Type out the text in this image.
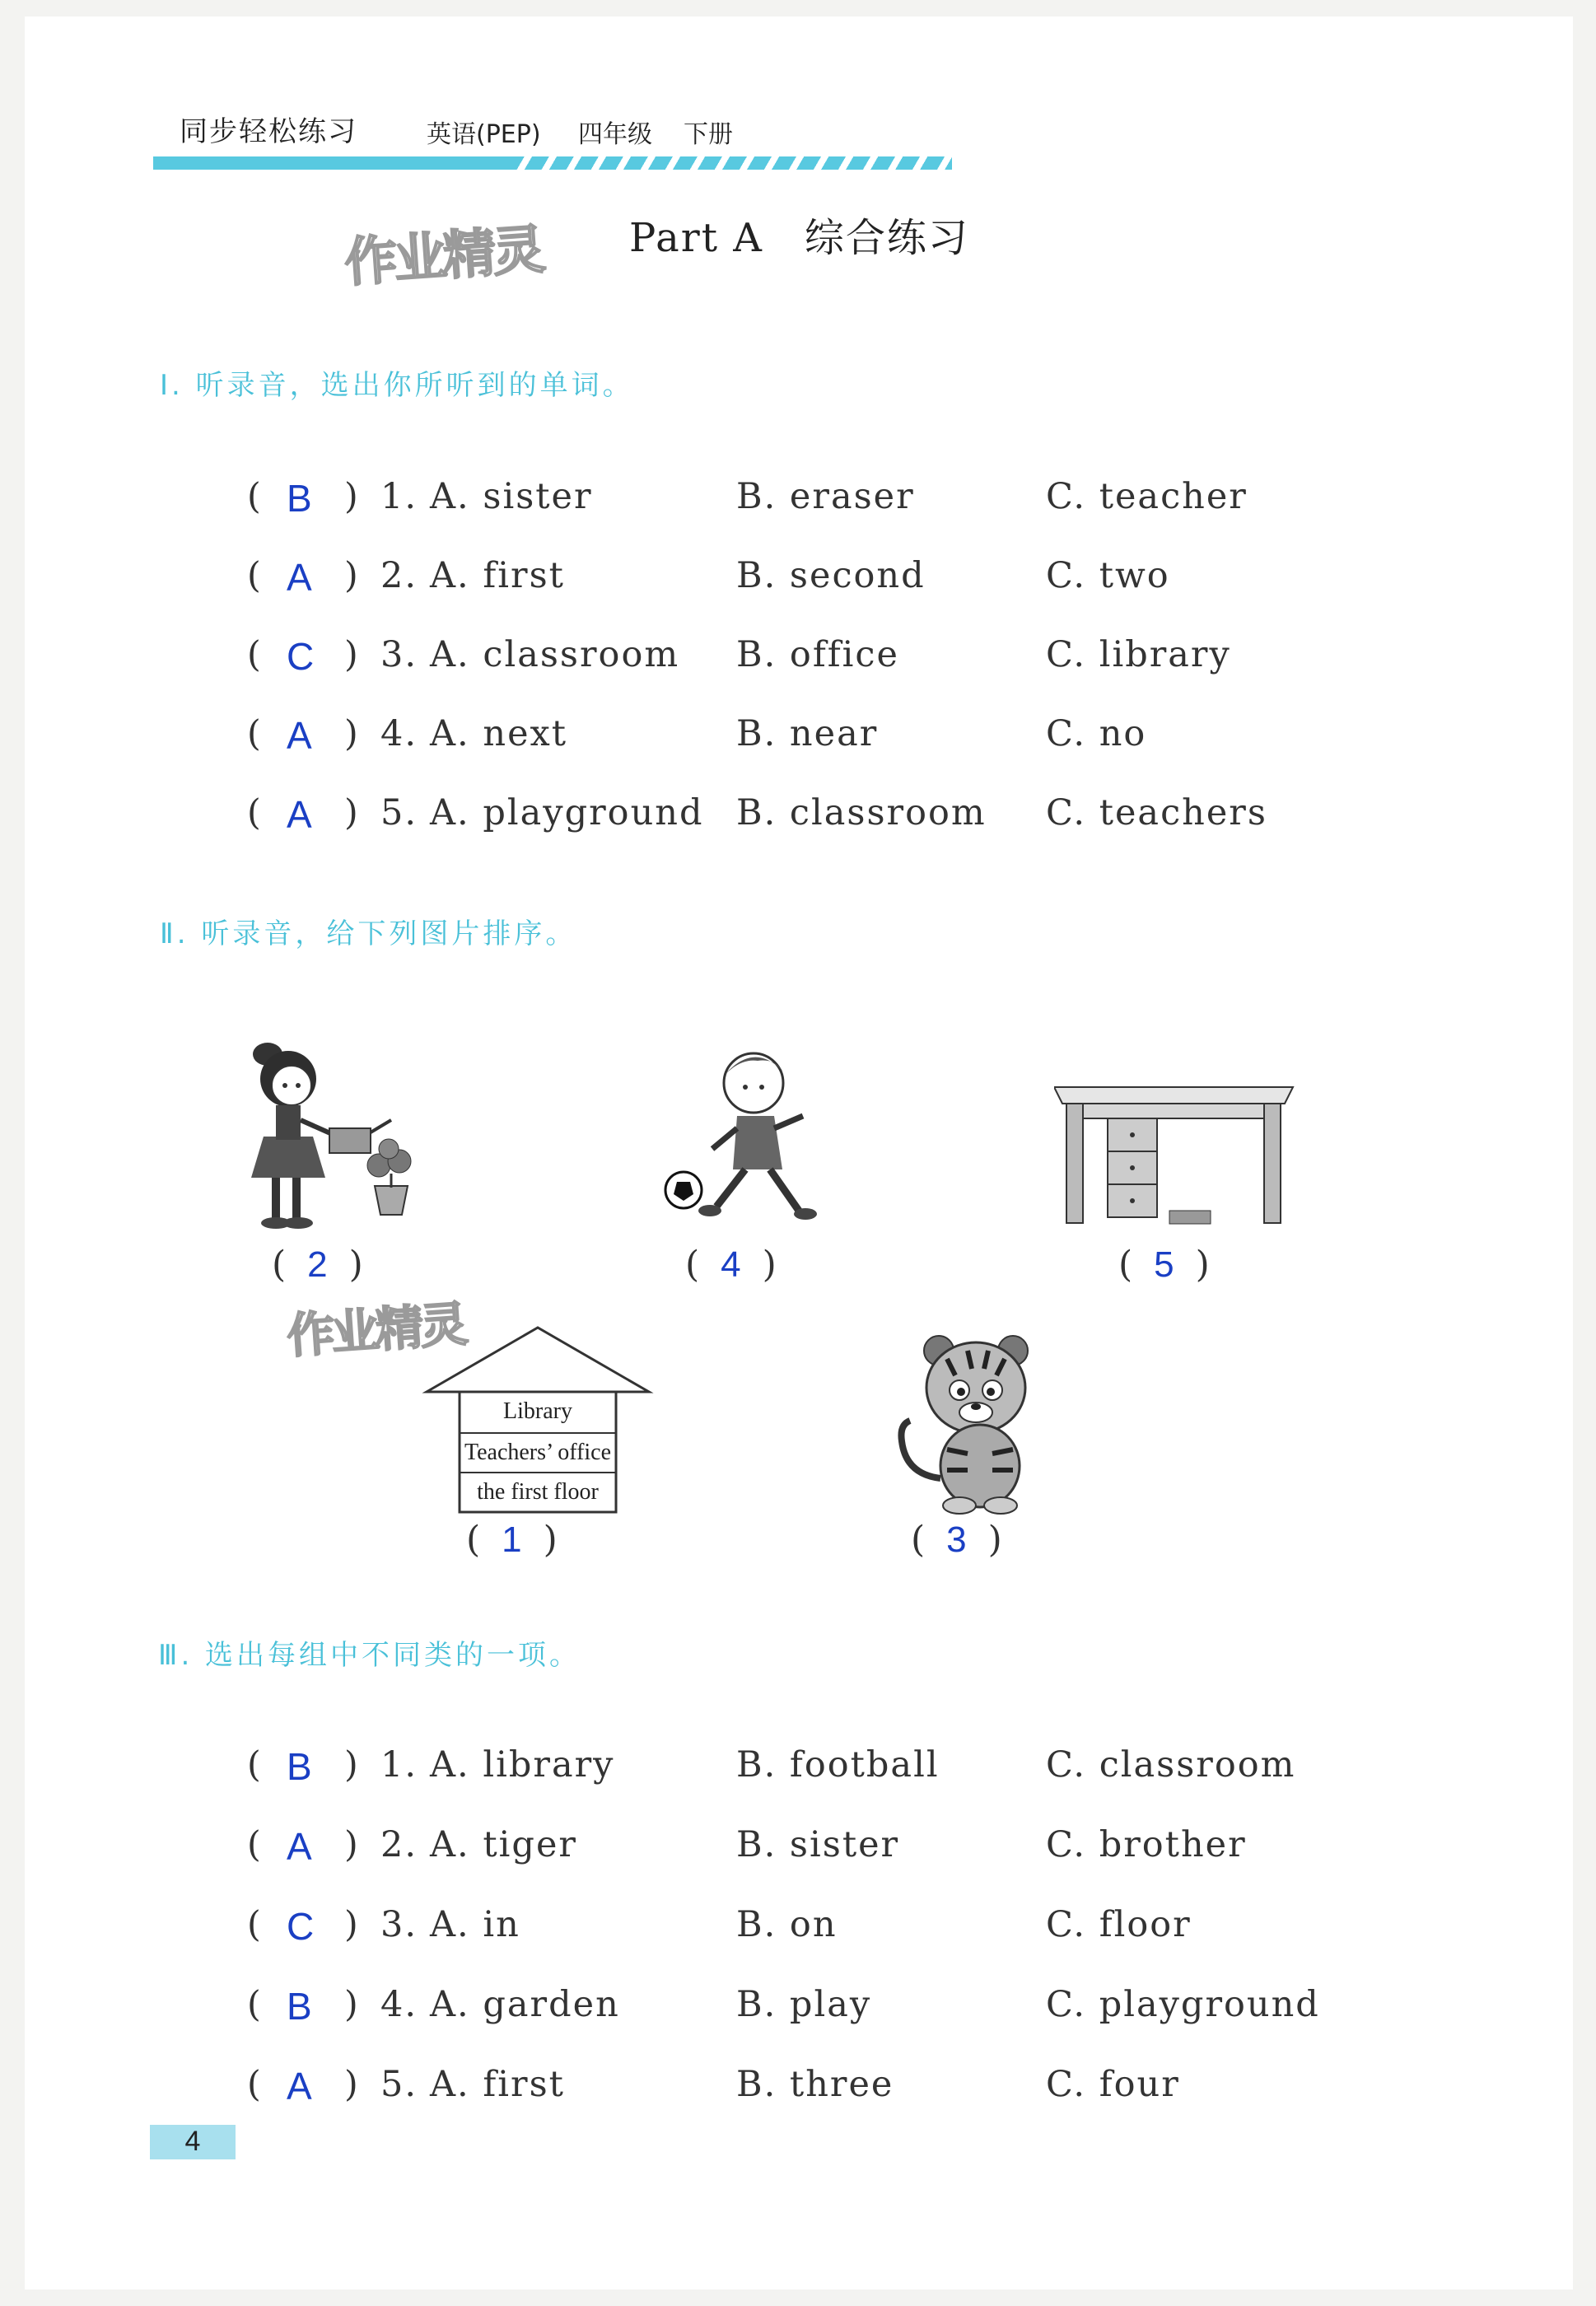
同步轻松练习	英语(PEP) 四年级 下册
作业精灵 Part A　综合练习
Ⅰ. 听录音，选出你所听到的单词。
( B ) 1. A. sister	B. eraser	C. teacher
( A ) 2. A. first	B. second	C. two
( C ) 3. A. classroom B. office	C. library
( A ) 4. A. next	B. near	C. no
( A ) 5. A. playground B. classroom C. teachers
Ⅱ. 听录音，给下列图片排序。
( 2 )	( 4 )	( 5 )
作业精灵
Library
Teachers’ office
the first floor
( 1 )	( 3 )
Ⅲ. 选出每组中不同类的一项。
( B ) 1. A. library	B. football	C. classroom
( A ) 2. A. tiger	B. sister	C. brother
( C ) 3. A. in	B. on	C. floor
( B ) 4. A. garden	B. play	C. playground
( A ) 5. A. first	B. three	C. four
4
